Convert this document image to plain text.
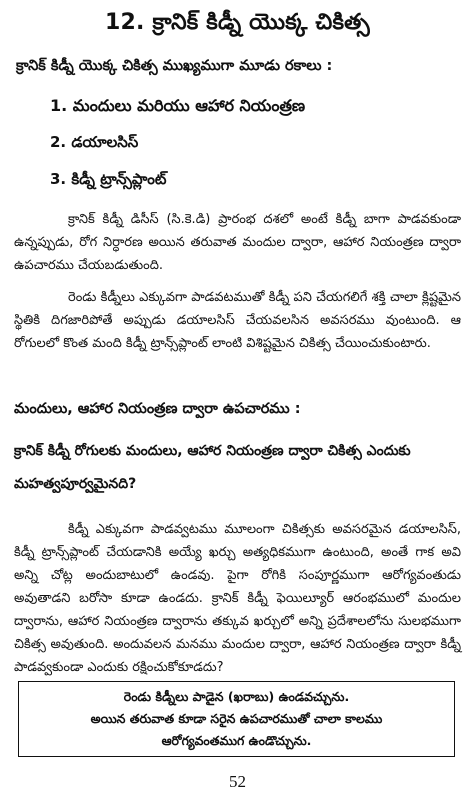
12. క్రానిక్ కిడ్నీ యొక్క చికిత్స
క్రానిక్ కిడ్నీ యొక్క చికిత్స ముఖ్యముగా మూడు రకాలు :
1. మందులు మరియు ఆహార నియంత్రణ
2. డయాలసిస్
3. కిడ్నీ ట్రాన్స్‌ప్లాంట్

క్రానిక్ కిడ్నీ డిసీస్ (సి.కె.డి) ప్రారంభ దశలో అంటే కిడ్నీ బాగా పాడవకుండా ఉన్నప్పుడు, రోగ నిర్ధారణ అయిన తరువాత మందుల ద్వారా, ఆహార నియంత్రణ ద్వారా ఉపచారము చేయబడుతుంది.

రెండు కిడ్నీలు ఎక్కువగా పాడవటముతో కిడ్నీ పని చేయగలిగే శక్తి చాలా క్లిష్టమైన స్థితికి దిగజారిపోతే అప్పుడు డయాలసిస్ చేయవలసిన అవసరము వుంటుంది. ఆ రోగులలో కొంత మంది కిడ్నీ ట్రాన్స్‌ప్లాంట్ లాంటి విశిష్టమైన చికిత్స చేయించుకుంటారు.

మందులు, ఆహార నియంత్రణ ద్వారా ఉపచారము :
క్రానిక్ కిడ్నీ రోగులకు మందులు, ఆహార నియంత్రణ ద్వారా చికిత్స ఎందుకు మహత్వపూర్వమైనది?

కిడ్నీ ఎక్కువగా పాడవ్వటము మూలంగా చికిత్సకు అవసరమైన డయాలసిస్, కిడ్నీ ట్రాన్స్‌ప్లాంట్ చేయడానికి అయ్యే ఖర్చు అత్యధికముగా ఉంటుంది, అంతే గాక అవి అన్ని చోట్ల అందుబాటులో ఉండవు. పైగా రోగికి సంపూర్ణముగా ఆరోగ్యవంతుడు అవుతాడని బరోసా కూడా ఉండదు. క్రానిక్ కిడ్నీ ఫెయిల్యూర్ ఆరంభములో మందుల ద్వారాను, ఆహార నియంత్రణ ద్వారాను తక్కువ ఖర్చులో అన్ని ప్రదేశాలలోను సులభముగా చికిత్స అవుతుంది. అందువలన మనము మందుల ద్వారా, ఆహార నియంత్రణ ద్వారా కిడ్నీ పాడవ్వకుండా ఎందుకు రక్షించుకోకూడదు?

రెండు కిడ్నీలు పాడైన (ఖరాబు) ఉండవచ్చును.
అయిన తరువాత కూడా సరైన ఉపచారముతో చాలా కాలము
ఆరోగ్యవంతముగ ఉండొచ్చును.
52
